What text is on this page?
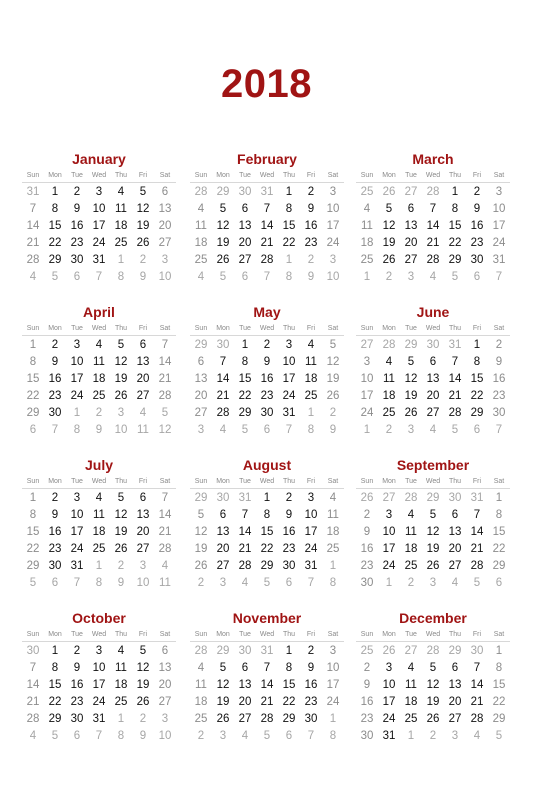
2018
January
Sun	Mon	Tue	Wed	Thu	Fri	Sat
31	1	2	3	4	5	6
7	8	9	10 11 12 13
14 15 16 17 18 19 20
21 22 23 24 25 26 27
28 29 30 31	1	2	3
4	5	6	7	8	9	10
February
Sun	Mon	Tue	Wed	Thu	Fri	Sat
28 29 30 31	1	2	3
4	5	6	7	8	9	10
11 12 13 14 15 16 17
18 19 20 21 22 23 24
25 26 27 28	1	2	3
4	5	6	7	8	9	10
March
Sun	Mon	Tue	Wed	Thu	Fri	Sat
25 26 27 28	1	2	3
4	5	6	7	8	9	10
11 12 13 14 15 16 17
18 19 20 21 22 23 24
25 26 27 28 29 30 31
1	2	3	4	5	6	7
April
Sun	Mon	Tue	Wed	Thu	Fri	Sat
1	2	3	4	5	6	7
8	9	10 11 12 13 14
15 16 17 18 19 20 21
22 23 24 25 26 27 28
29 30	1	2	3	4	5
6	7	8	9	10 11 12
May
Sun	Mon	Tue	Wed	Thu	Fri	Sat
29 30	1	2	3	4	5
6	7	8	9	10 11 12
13 14 15 16 17 18 19
20 21 22 23 24 25 26
27 28 29 30 31	1	2
3	4	5	6	7	8	9
June
Sun	Mon	Tue	Wed	Thu	Fri	Sat
27 28 29 30 31	1	2
3	4	5	6	7	8	9
10 11 12 13 14 15 16
17 18 19 20 21 22 23
24 25 26 27 28 29 30
1	2	3	4	5	6	7
July
Sun	Mon	Tue	Wed	Thu	Fri	Sat
1	2	3	4	5	6	7
8	9	10 11 12 13 14
15 16 17 18 19 20 21
22 23 24 25 26 27 28
29 30 31	1	2	3	4
5	6	7	8	9	10 11
August
Sun	Mon	Tue	Wed	Thu	Fri	Sat
29 30 31	1	2	3	4
5	6	7	8	9	10 11
12 13 14 15 16 17 18
19 20 21 22 23 24 25
26 27 28 29 30 31	1
2	3	4	5	6	7	8
September
Sun	Mon	Tue	Wed	Thu	Fri	Sat
26 27 28 29 30 31	1
2	3	4	5	6	7	8
9	10 11 12 13 14 15
16 17 18 19 20 21 22
23 24 25 26 27 28 29
30	1	2	3	4	5	6
October
Sun	Mon	Tue	Wed	Thu	Fri	Sat
30	1	2	3	4	5	6
7	8	9	10 11 12 13
14 15 16 17 18 19 20
21 22 23 24 25 26 27
28 29 30 31	1	2	3
4	5	6	7	8	9	10
November
Sun	Mon	Tue	Wed	Thu	Fri	Sat
28 29 30 31	1	2	3
4	5	6	7	8	9	10
11 12 13 14 15 16 17
18 19 20 21 22 23 24
25 26 27 28 29 30	1
2	3	4	5	6	7	8
December
Sun	Mon	Tue	Wed	Thu	Fri	Sat
25 26 27 28 29 30	1
2	3	4	5	6	7	8
9	10 11 12 13 14 15
16 17 18 19 20 21 22
23 24 25 26 27 28 29
30 31	1	2	3	4	5
